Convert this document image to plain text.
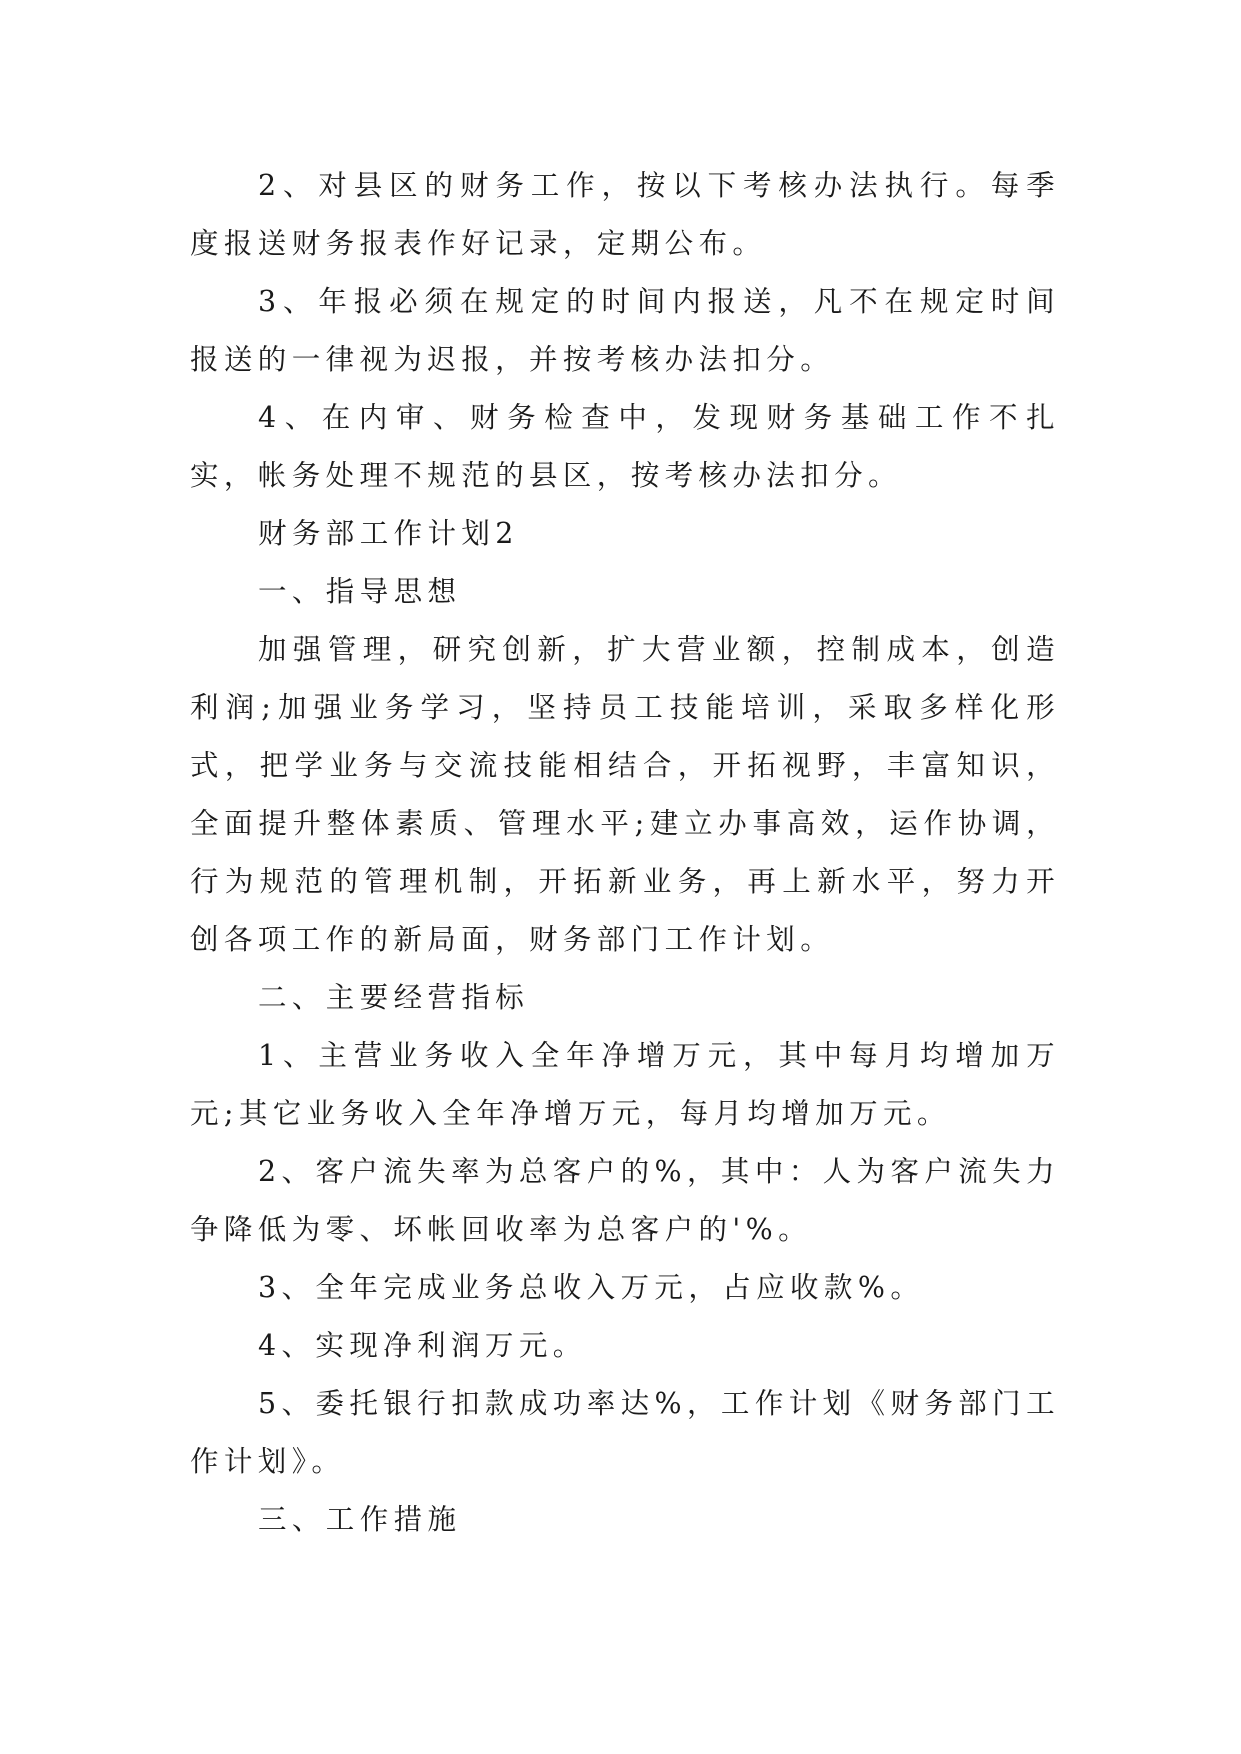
2、对县区的财务工作，按以下考核办法执行。每季度报送财务报表作好记录，定期公布。

3、年报必须在规定的时间内报送，凡不在规定时间报送的一律视为迟报，并按考核办法扣分。

4、在内审、财务检查中，发现财务基础工作不扎实，帐务处理不规范的县区，按考核办法扣分。

财务部工作计划2

一、指导思想

加强管理，研究创新，扩大营业额，控制成本，创造利润;加强业务学习，坚持员工技能培训，采取多样化形式，把学业务与交流技能相结合，开拓视野，丰富知识，全面提升整体素质、管理水平;建立办事高效，运作协调，行为规范的管理机制，开拓新业务，再上新水平，努力开创各项工作的新局面，财务部门工作计划。

二、主要经营指标

1、主营业务收入全年净增万元，其中每月均增加万元;其它业务收入全年净增万元，每月均增加万元。

2、客户流失率为总客户的%，其中：人为客户流失力争降低为零、坏帐回收率为总客户的'%。

3、全年完成业务总收入万元，占应收款%。

4、实现净利润万元。

5、委托银行扣款成功率达%，工作计划《财务部门工作计划》。

三、工作措施
